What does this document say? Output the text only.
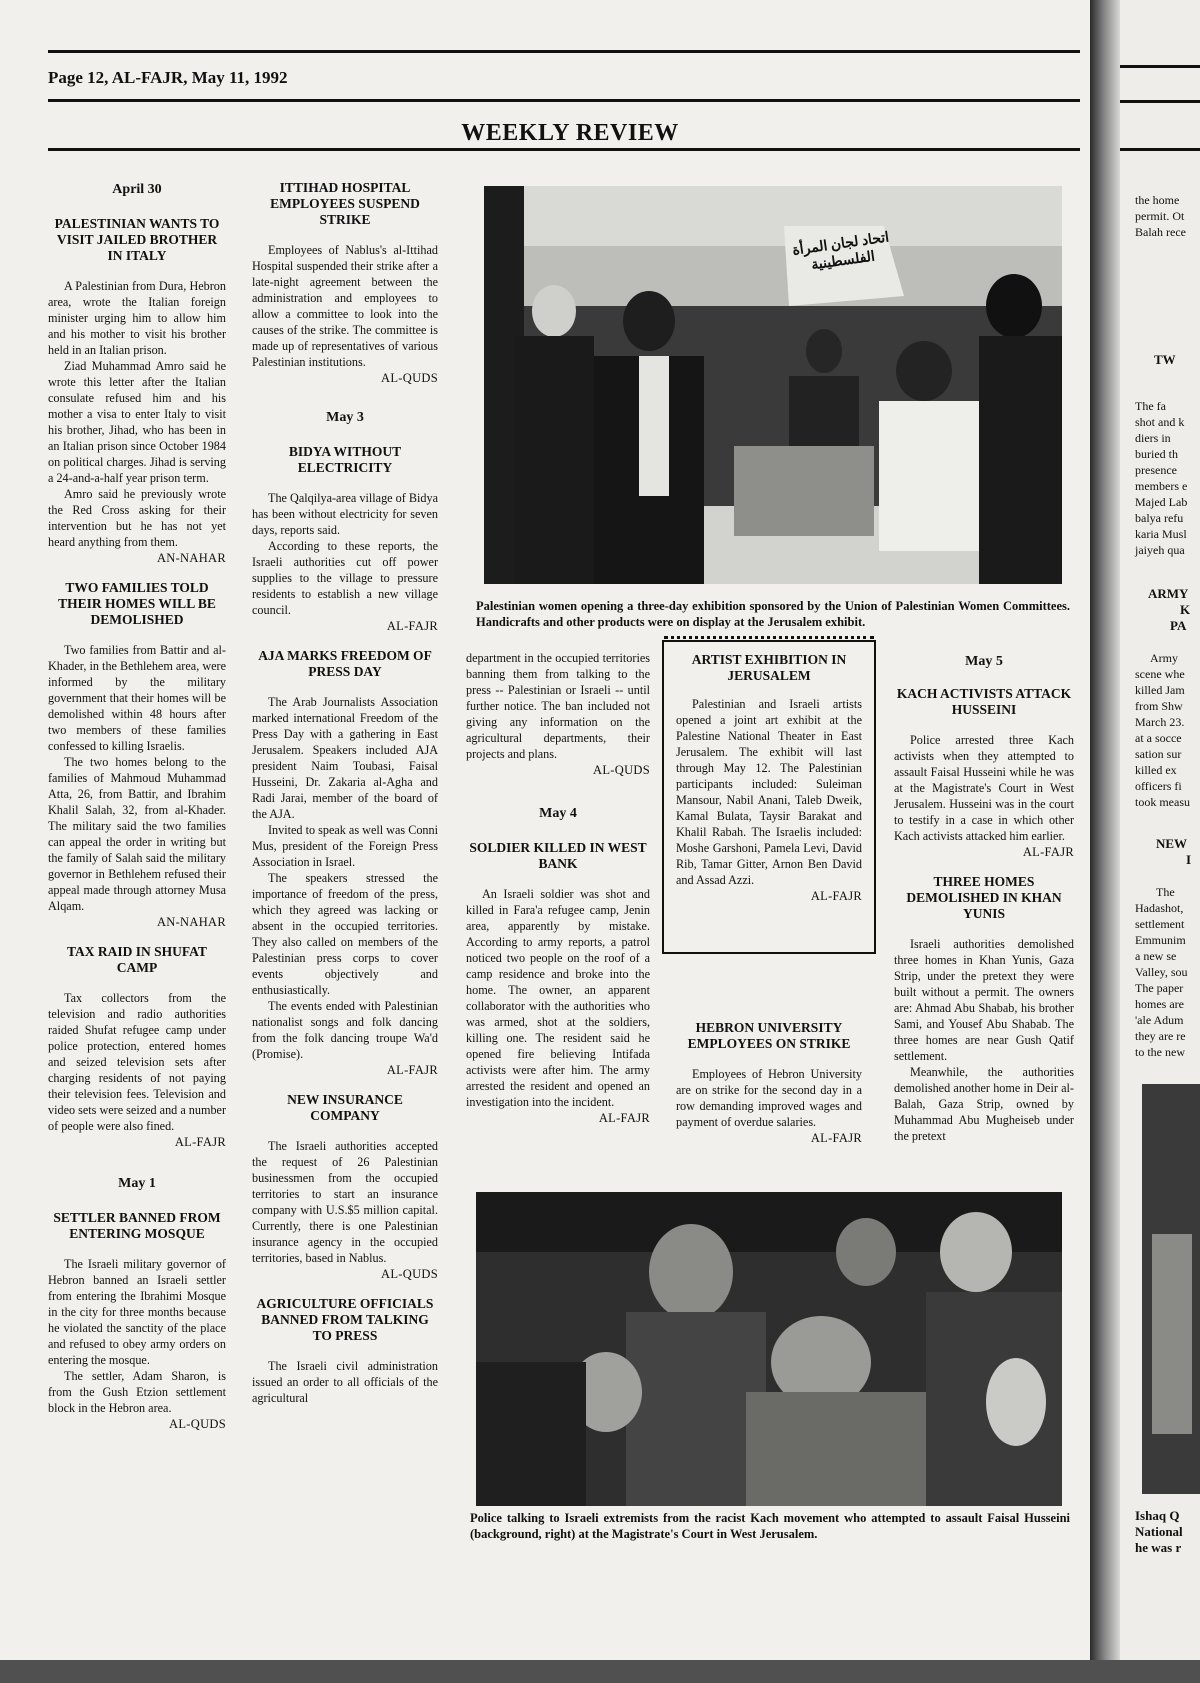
Page 12, AL-FAJR, May 11, 1992
WEEKLY REVIEW
April 30
PALESTINIAN WANTS TO VISIT JAILED BROTHER IN ITALY

A Palestinian from Dura, Hebron area, wrote the Italian foreign minister urging him to allow him and his mother to visit his brother held in an Italian prison.

Ziad Muhammad Amro said he wrote this letter after the Italian consulate refused him and his mother a visa to enter Italy to visit his brother, Jihad, who has been in an Italian prison since October 1984 on political charges. Jihad is serving a 24-and-a-half year prison term.

Amro said he previously wrote the Red Cross asking for their intervention but he has not yet heard anything from them.

AN-NAHAR
TWO FAMILIES TOLD THEIR HOMES WILL BE DEMOLISHED

Two families from Battir and al-Khader, in the Bethlehem area, were informed by the military government that their homes will be demolished within 48 hours after two members of these families confessed to killing Israelis.

The two homes belong to the families of Mahmoud Muhammad Atta, 26, from Battir, and Ibrahim Khalil Salah, 32, from al-Khader. The military said the two families can appeal the order in writing but the family of Salah said the military governor in Bethlehem refused their appeal made through attorney Musa Alqam.

AN-NAHAR
TAX RAID IN SHUFAT CAMP

Tax collectors from the television and radio authorities raided Shufat refugee camp under police protection, entered homes and seized television sets after charging residents of not paying their television fees. Television and video sets were seized and a number of people were also fined.

AL-FAJR
May 1
SETTLER BANNED FROM ENTERING MOSQUE

The Israeli military governor of Hebron banned an Israeli settler from entering the Ibrahimi Mosque in the city for three months because he violated the sanctity of the place and refused to obey army orders on entering the mosque.

The settler, Adam Sharon, is from the Gush Etzion settlement block in the Hebron area.

AL-QUDS
ITTIHAD HOSPITAL EMPLOYEES SUSPEND STRIKE

Employees of Nablus's al-Ittihad Hospital suspended their strike after a late-night agreement between the administration and employees to allow a committee to look into the causes of the strike. The committee is made up of representatives of various Palestinian institutions.

AL-QUDS
May 3
BIDYA WITHOUT ELECTRICITY

The Qalqilya-area village of Bidya has been without electricity for seven days, reports said.

According to these reports, the Israeli authorities cut off power supplies to the village to pressure residents to establish a new village council.

AL-FAJR
AJA MARKS FREEDOM OF PRESS DAY

The Arab Journalists Association marked international Freedom of the Press Day with a gathering in East Jerusalem. Speakers included AJA president Naim Toubasi, Faisal Husseini, Dr. Zakaria al-Agha and Radi Jarai, member of the board of the AJA.

Invited to speak as well was Conni Mus, president of the Foreign Press Association in Israel.

The speakers stressed the importance of freedom of the press, which they agreed was lacking or absent in the occupied territories. They also called on members of the Palestinian press corps to cover events objectively and enthusiastically.

The events ended with Palestinian nationalist songs and folk dancing from the folk dancing troupe Wa'd (Promise).

AL-FAJR
NEW INSURANCE COMPANY

The Israeli authorities accepted the request of 26 Palestinian businessmen from the occupied territories to start an insurance company with U.S.$5 million capital. Currently, there is one Palestinian insurance agency in the occupied territories, based in Nablus.

AL-QUDS
AGRICULTURE OFFICIALS BANNED FROM TALKING TO PRESS

The Israeli civil administration issued an order to all officials of the agricultural

اتحاد لجان المرأة الفلسطينية
Palestinian women opening a three-day exhibition sponsored by the Union of Palestinian Women Committees. Handicrafts and other products were on display at the Jerusalem exhibit.

department in the occupied territories banning them from talking to the press -- Palestinian or Israeli -- until further notice. The ban included not giving any information on the agricultural departments, their projects and plans.

AL-QUDS
May 4
SOLDIER KILLED IN WEST BANK

An Israeli soldier was shot and killed in Fara'a refugee camp, Jenin area, apparently by mistake. According to army reports, a patrol noticed two people on the roof of a camp residence and broke into the home. The owner, an apparent collaborator with the authorities who was armed, shot at the soldiers, killing one. The resident said he opened fire believing Intifada activists were after him. The army arrested the resident and opened an investigation into the incident.

AL-FAJR
ARTIST EXHIBITION IN JERUSALEM

Palestinian and Israeli artists opened a joint art exhibit at the Palestine National Theater in East Jerusalem. The exhibit will last through May 12. The Palestinian participants included: Suleiman Mansour, Nabil Anani, Taleb Dweik, Kamal Bulata, Taysir Barakat and Khalil Rabah. The Israelis included: Moshe Garshoni, Pamela Levi, David Rib, Tamar Gitter, Arnon Ben David and Assad Azzi.

AL-FAJR
HEBRON UNIVERSITY EMPLOYEES ON STRIKE

Employees of Hebron University are on strike for the second day in a row demanding improved wages and payment of overdue salaries.

AL-FAJR
May 5
KACH ACTIVISTS ATTACK HUSSEINI

Police arrested three Kach activists when they attempted to assault Faisal Husseini while he was at the Magistrate's Court in West Jerusalem. Husseini was in the court to testify in a case in which other Kach activists attacked him earlier.

AL-FAJR
THREE HOMES DEMOLISHED IN KHAN YUNIS

Israeli authorities demolished three homes in Khan Yunis, Gaza Strip, under the pretext they were built without a permit. The owners are: Ahmad Abu Shabab, his brother Sami, and Yousef Abu Shabab. The three homes are near Gush Qatif settlement.

Meanwhile, the authorities demolished another home in Deir al-Balah, Gaza Strip, owned by Muhammad Abu Mugheiseb under the pretext

Police talking to Israeli extremists from the racist Kach movement who attempted to assault Faisal Husseini (background, right) at the Magistrate's Court in West Jerusalem.
the home
permit. Ot
Balah rece
TW
The fa
shot and k
diers in
buried th
presence
members e
Majed Lab
balya refu
karia Musl
jaiyeh qua
ARMY
K
PA
Army
scene whe
killed Jam
from Shw
March 23.
at a socce
sation sur
killed ex
officers fi
took measu
NEW
I
The
Hadashot,
settlement
Emmunim
a new se
Valley, sou
The paper
homes are
'ale Adum
they are re
to the new
Ishaq Q
National
he was r
